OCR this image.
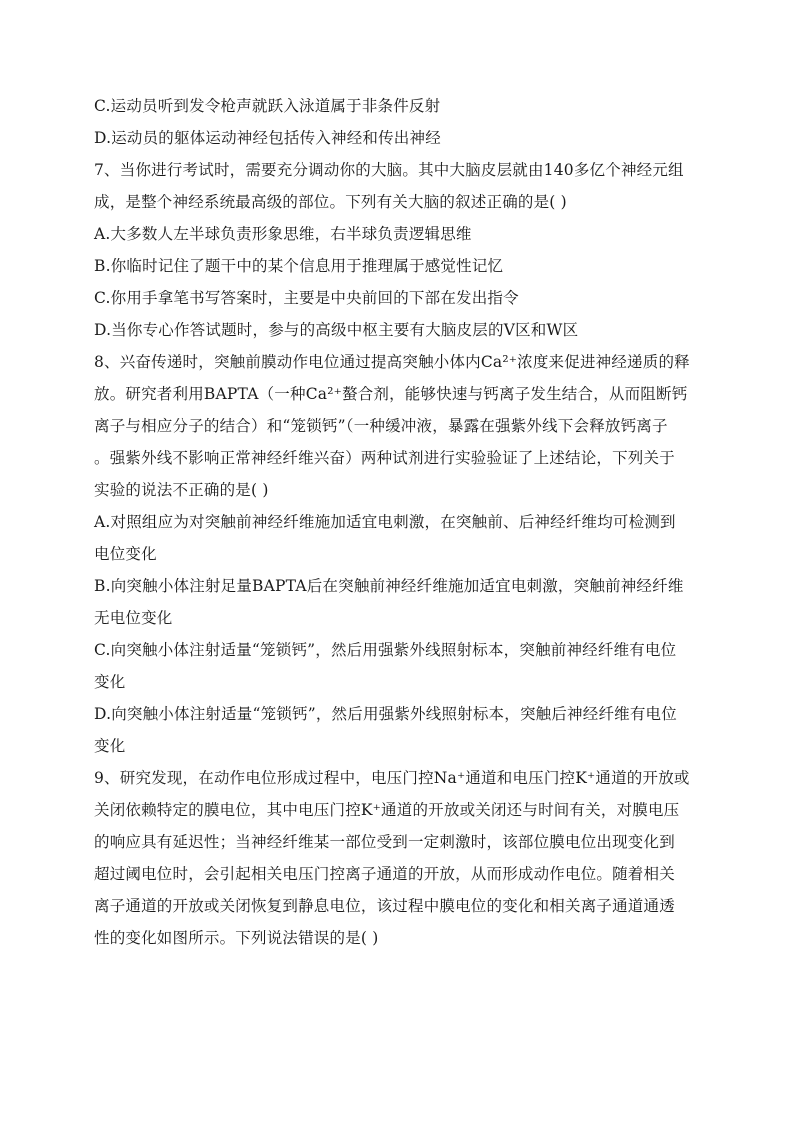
C.运动员听到发令枪声就跃入泳道属于非条件反射
D.运动员的躯体运动神经包括传入神经和传出神经
7、当你进行考试时，需要充分调动你的大脑。其中大脑皮层就由140多亿个神经元组
成，是整个神经系统最高级的部位。下列有关大脑的叙述正确的是( )
A.大多数人左半球负责形象思维，右半球负责逻辑思维
B.你临时记住了题干中的某个信息用于推理属于感觉性记忆
C.你用手拿笔书写答案时，主要是中央前回的下部在发出指令
D.当你专心作答试题时，参与的高级中枢主要有大脑皮层的V区和W区
8、兴奋传递时，突触前膜动作电位通过提高突触小体内Ca²⁺浓度来促进神经递质的释
放。研究者利用BAPTA（一种Ca²⁺螯合剂，能够快速与钙离子发生结合，从而阻断钙
离子与相应分子的结合）和“笼锁钙”（一种缓冲液，暴露在强紫外线下会释放钙离子
。强紫外线不影响正常神经纤维兴奋）两种试剂进行实验验证了上述结论，下列关于
实验的说法不正确的是( )
A.对照组应为对突触前神经纤维施加适宜电刺激，在突触前、后神经纤维均可检测到
电位变化
B.向突触小体注射足量BAPTA后在突触前神经纤维施加适宜电刺激，突触前神经纤维
无电位变化
C.向突触小体注射适量“笼锁钙”，然后用强紫外线照射标本，突触前神经纤维有电位
变化
D.向突触小体注射适量“笼锁钙”，然后用强紫外线照射标本，突触后神经纤维有电位
变化
9、研究发现，在动作电位形成过程中，电压门控Na⁺通道和电压门控K⁺通道的开放或
关闭依赖特定的膜电位，其中电压门控K⁺通道的开放或关闭还与时间有关，对膜电压
的响应具有延迟性；当神经纤维某一部位受到一定刺激时，该部位膜电位出现变化到
超过阈电位时，会引起相关电压门控离子通道的开放，从而形成动作电位。随着相关
离子通道的开放或关闭恢复到静息电位，该过程中膜电位的变化和相关离子通道通透
性的变化如图所示。下列说法错误的是( )
